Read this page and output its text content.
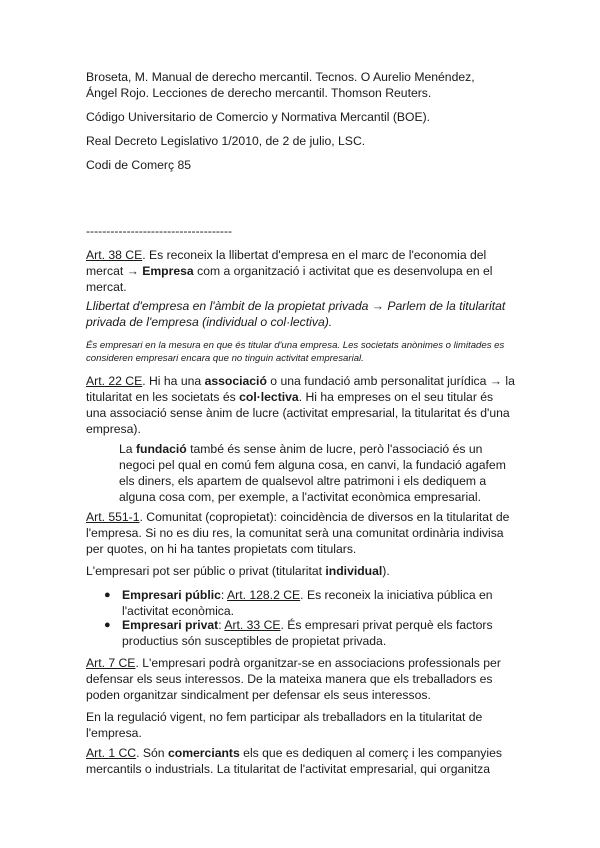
Broseta, M. Manual de derecho mercantil. Tecnos. O Aurelio Menéndez,
Ángel Rojo. Lecciones de derecho mercantil. Thomson Reuters.

Código Universitario de Comercio y Normativa Mercantil (BOE).

Real Decreto Legislativo 1/2010, de 2 de julio, LSC.

Codi de Comerç 85

------------------------------------

Art. 38 CE. Es reconeix la llibertat d'empresa en el marc de l'economia del mercat → Empresa com a organització i activitat que es desenvolupa en el mercat.

Llibertat d'empresa en l'àmbit de la propietat privada → Parlem de la titularitat privada de l'empresa (individual o col·lectiva).

És empresari en la mesura en que és titular d'una empresa. Les societats anònimes o limitades es consideren empresari encara que no tinguin activitat empresarial.

Art. 22 CE. Hi ha una associació o una fundació amb personalitat jurídica → la titularitat en les societats és col·lectiva. Hi ha empreses on el seu titular és una associació sense ànim de lucre (activitat empresarial, la titularitat és d'una empresa).

La fundació també és sense ànim de lucre, però l'associació és un negoci pel qual en comú fem alguna cosa, en canvi, la fundació agafem els diners, els apartem de qualsevol altre patrimoni i els dediquem a alguna cosa com, per exemple, a l'activitat econòmica empresarial.

Art. 551-1. Comunitat (copropietat): coincidència de diversos en la titularitat de l'empresa. Si no es diu res, la comunitat serà una comunitat ordinària indivisa per quotes, on hi ha tantes propietats com titulars.

L'empresari pot ser públic o privat (titularitat individual).

● Empresari públic: Art. 128.2 CE. Es reconeix la iniciativa pública en l'activitat econòmica.

● Empresari privat: Art. 33 CE. És empresari privat perquè els factors productius són susceptibles de propietat privada.

Art. 7 CE. L'empresari podrà organitzar-se en associacions professionals per defensar els seus interessos. De la mateixa manera que els treballadors es poden organitzar sindicalment per defensar els seus interessos.

En la regulació vigent, no fem participar als treballadors en la titularitat de l'empresa.

Art. 1 CC. Són comerciants els que es dediquen al comerç i les companyies mercantils o industrials. La titularitat de l'activitat empresarial, qui organitza
